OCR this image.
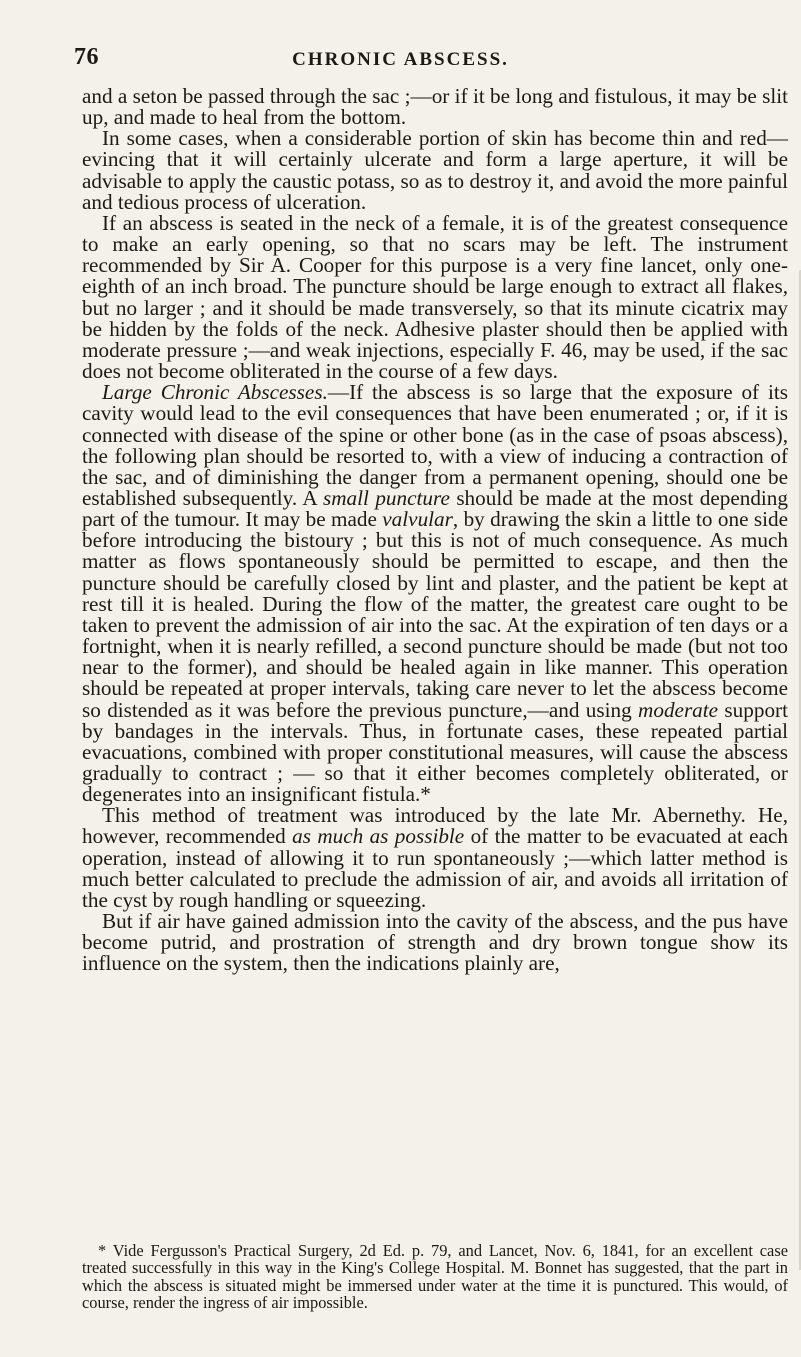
76	CHRONIC ABSCESS.

and a seton be passed through the sac ;—or if it be long and fistulous, it may be slit up, and made to heal from the bottom.

In some cases, when a considerable portion of skin has become thin and red—evincing that it will certainly ulcerate and form a large aperture, it will be advisable to apply the caustic potass, so as to destroy it, and avoid the more painful and tedious process of ulceration.

If an abscess is seated in the neck of a female, it is of the greatest consequence to make an early opening, so that no scars may be left. The instrument recommended by Sir A. Cooper for this purpose is a very fine lancet, only one-eighth of an inch broad. The puncture should be large enough to extract all flakes, but no larger ; and it should be made transversely, so that its minute cicatrix may be hidden by the folds of the neck. Adhesive plaster should then be applied with moderate pressure ;—and weak injections, especially F. 46, may be used, if the sac does not become obliterated in the course of a few days.

Large Chronic Abscesses.—If the abscess is so large that the exposure of its cavity would lead to the evil consequences that have been enumerated ; or, if it is connected with disease of the spine or other bone (as in the case of psoas abscess), the following plan should be resorted to, with a view of inducing a contraction of the sac, and of diminishing the danger from a permanent opening, should one be established subsequently. A small puncture should be made at the most depending part of the tumour. It may be made valvular, by drawing the skin a little to one side before introducing the bistoury ; but this is not of much consequence. As much matter as flows spontaneously should be permitted to escape, and then the puncture should be carefully closed by lint and plaster, and the patient be kept at rest till it is healed. During the flow of the matter, the greatest care ought to be taken to prevent the admission of air into the sac. At the expiration of ten days or a fortnight, when it is nearly refilled, a second puncture should be made (but not too near to the former), and should be healed again in like manner. This operation should be repeated at proper intervals, taking care never to let the abscess become so distended as it was before the previous puncture,—and using moderate support by bandages in the intervals. Thus, in fortunate cases, these repeated partial evacuations, combined with proper constitutional measures, will cause the abscess gradually to contract ; — so that it either becomes completely obliterated, or degenerates into an insignificant fistula.*

This method of treatment was introduced by the late Mr. Abernethy. He, however, recommended as much as possible of the matter to be evacuated at each operation, instead of allowing it to run spontaneously ;—which latter method is much better calculated to preclude the admission of air, and avoids all irritation of the cyst by rough handling or squeezing.

But if air have gained admission into the cavity of the abscess, and the pus have become putrid, and prostration of strength and dry brown tongue show its influence on the system, then the indications plainly are,

* Vide Fergusson's Practical Surgery, 2d Ed. p. 79, and Lancet, Nov. 6, 1841, for an excellent case treated successfully in this way in the King's College Hospital. M. Bonnet has suggested, that the part in which the abscess is situated might be immersed under water at the time it is punctured. This would, of course, render the ingress of air impossible.
